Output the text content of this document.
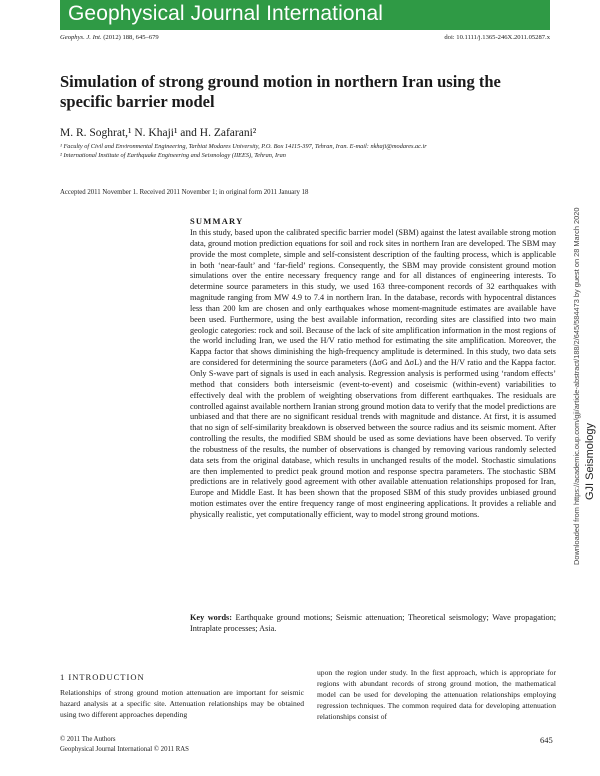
Geophysical Journal International
Geophys. J. Int. (2012) 188, 645–679	doi: 10.1111/j.1365-246X.2011.05287.x
Simulation of strong ground motion in northern Iran using the specific barrier model
M. R. Soghrat,¹ N. Khaji¹ and H. Zafarani²
¹ Faculty of Civil and Environmental Engineering, Tarbiat Modares University, P.O. Box 14115-397, Tehran, Iran. E-mail: nkhaji@modares.ac.ir
² International Institute of Earthquake Engineering and Seismology (IIEES), Tehran, Iran
Accepted 2011 November 1. Received 2011 November 1; in original form 2011 January 18
SUMMARY

In this study, based upon the calibrated specific barrier model (SBM) against the latest available strong motion data, ground motion prediction equations for soil and rock sites in northern Iran are developed. The SBM may provide the most complete, simple and self-consistent description of the faulting process, which is applicable in both ‘near-fault’ and ‘far-field’ regions. Consequently, the SBM may provide consistent ground motion simulations over the entire necessary frequency range and for all distances of engineering interests. To determine source parameters in this study, we used 163 three-component records of 32 earthquakes with magnitude ranging from MW 4.9 to 7.4 in northern Iran. In the database, records with hypocentral distances less than 200 km are chosen and only earthquakes whose moment-magnitude estimates are available have been used. Furthermore, using the best available information, recording sites are classified into two main geologic categories: rock and soil. Because of the lack of site amplification information in the most regions of the world including Iran, we used the H/V ratio method for estimating the site amplification. Moreover, the Kappa factor that shows diminishing the high-frequency amplitude is determined. In this study, two data sets are considered for determining the source parameters (ΔσG and ΔσL) and the H/V ratio and the Kappa factor. Only S-wave part of signals is used in each analysis. Regression analysis is performed using ‘random effects’ method that considers both interseismic (event-to-event) and coseismic (within-event) variabilities to effectively deal with the problem of weighting observations from different earthquakes. The residuals are controlled against available northern Iranian strong ground motion data to verify that the model predictions are unbiased and that there are no significant residual trends with magnitude and distance. At first, it is assumed that no sign of self-similarity breakdown is observed between the source radius and its seismic moment. After controlling the results, the modified SBM should be used as some deviations have been observed. To verify the robustness of the results, the number of observations is changed by removing various randomly selected data sets from the original database, which results in unchanged results of the model. Stochastic simulations are then implemented to predict peak ground motion and response spectra parameters. The stochastic SBM predictions are in relatively good agreement with other available attenuation relationships proposed for Iran, Europe and Middle East. It has been shown that the proposed SBM of this study provides unbiased ground motion estimates over the entire frequency range of most engineering applications. It provides a reliable and physically realistic, yet computationally efficient, way to model strong ground motions.

Key words: Earthquake ground motions; Seismic attenuation; Theoretical seismology; Wave propagation; Intraplate processes; Asia.

1 INTRODUCTION

Relationships of strong ground motion attenuation are important for seismic hazard analysis at a specific site. Attenuation relationships may be obtained using two different approaches depending

upon the region under study. In the first approach, which is appropriate for regions with abundant records of strong ground motion, the mathematical model can be used for developing the attenuation relationships employing regression techniques. The common required data for developing attenuation relationships consist of

© 2011 The Authors
Geophysical Journal International © 2011 RAS
645
Downloaded from https://academic.oup.com/gji/article-abstract/188/2/645/584473 by guest on 28 March 2020 GJI Seismology
